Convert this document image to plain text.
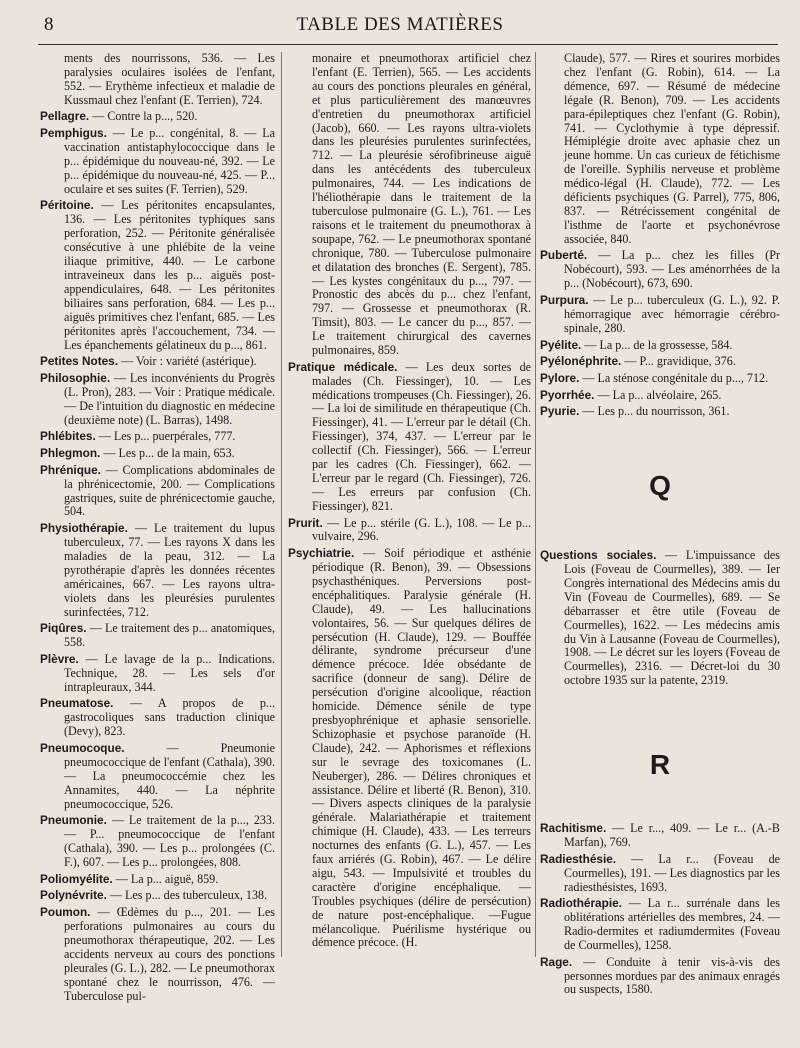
8	TABLE DES MATIÈRES

ments des nourrissons, 536. — Les paralysies oculaires isolées de l'enfant, 552. — Erythème infectieux et maladie de Kussmaul chez l'enfant (E. Terrien), 724.

Pellagre. — Contre la p..., 520.

Pemphigus. — Le p... congénital, 8. — La vaccination antistaphylococcique dans le p... épidémique du nouveau-né, 392. — Le p... épidémique du nouveau-né, 425. — P... oculaire et ses suites (F. Terrien), 529.

Péritoine. — Les péritonites encapsulantes, 136. — Les péritonites typhiques sans perforation, 252. — Péritonite généralisée consécutive à une phlébite de la veine iliaque primitive, 440. — Le carbone intraveineux dans les p... aiguës post-appendiculaires, 648. — Les péritonites biliaires sans perforation, 684. — Les p... aiguës primitives chez l'enfant, 685. — Les péritonites après l'accouchement, 734. — Les épanchements gélatineux du p..., 861.

Petites Notes. — Voir : variété (astérique).

Philosophie. — Les inconvénients du Progrès (L. Pron), 283. — Voir : Pratique médicale. — De l'intuition du diagnostic en médecine (deuxième note) (L. Barras), 1498.

Phlébites. — Les p... puerpérales, 777.

Phlegmon. — Les p... de la main, 653.

Phrénique. — Complications abdominales de la phrénicectomie, 200. — Complications gastriques, suite de phrénicectomie gauche, 504.

Physiothérapie. — Le traitement du lupus tuberculeux, 77. — Les rayons X dans les maladies de la peau, 312. — La pyrothérapie d'après les données récentes américaines, 667. — Les rayons ultra-violets dans les pleurésies purulentes surinfectées, 712.

Piqûres. — Le traitement des p... anatomiques, 558.

Plèvre. — Le lavage de la p... Indications. Technique, 28. — Les sels d'or intrapleuraux, 344.

Pneumatose. — A propos de p... gastrocoliques sans traduction clinique (Devy), 823.

Pneumocoque. — Pneumonie pneumococcique de l'enfant (Cathala), 390. — La pneumococcémie chez les Annamites, 440. — La néphrite pneumococcique, 526.

Pneumonie. — Le traitement de la p..., 233. — P... pneumococcique de l'enfant (Cathala), 390. — Les p... prolongées (C. F.), 607. — Les p... prolongées, 808.

Poliomyélite. — La p... aiguë, 859.

Polynévrite. — Les p... des tuberculeux, 138.

Poumon. — Œdèmes du p..., 201. — Les perforations pulmonaires au cours du pneumothorax thérapeutique, 202. — Les accidents nerveux au cours des ponctions pleurales (G. L.), 282. — Le pneumothorax spontané chez le nourrisson, 476. — Tuberculose pul-

monaire et pneumothorax artificiel chez l'enfant (E. Terrien), 565. — Les accidents au cours des ponctions pleurales en général, et plus particulièrement des manœuvres d'entretien du pneumothorax artificiel (Jacob), 660. — Les rayons ultra-violets dans les pleurésies purulentes surinfectées, 712. — La pleurésie sérofibrineuse aiguë dans les antécédents des tuberculeux pulmonaires, 744. — Les indications de l'héliothérapie dans le traitement de la tuberculose pulmonaire (G. L.), 761. — Les raisons et le traitement du pneumothorax à soupape, 762. — Le pneumothorax spontané chronique, 780. — Tuberculose pulmonaire et dilatation des bronches (E. Sergent), 785. — Les kystes congénitaux du p..., 797. — Pronostic des abcès du p... chez l'enfant, 797. — Grossesse et pneumothorax (R. Timsit), 803. — Le cancer du p..., 857. — Le traitement chirurgical des cavernes pulmonaires, 859.

Pratique médicale. — Les deux sortes de malades (Ch. Fiessinger), 10. — Les médications trompeuses (Ch. Fiessinger), 26. — La loi de similitude en thérapeutique (Ch. Fiessinger), 41. — L'erreur par le détail (Ch. Fiessinger), 374, 437. — L'erreur par le collectif (Ch. Fiessinger), 566. — L'erreur par les cadres (Ch. Fiessinger), 662. — L'erreur par le regard (Ch. Fiessinger), 726. — Les erreurs par confusion (Ch. Fiessinger), 821.

Prurit. — Le p... stérile (G. L.), 108. — Le p... vulvaire, 296.

Psychiatrie. — Soif périodique et asthénie périodique (R. Benon), 39. — Obsessions psychasthéniques. Perversions post-encéphalitiques. Paralysie générale (H. Claude), 49. — Les hallucinations volontaires, 56. — Sur quelques délires de persécution (H. Claude), 129. — Bouffée délirante, syndrome précurseur d'une démence précoce. Idée obsédante de sacrifice (donneur de sang). Délire de persécution d'origine alcoolique, réaction homicide. Démence sénile de type presbyophrénique et aphasie sensorielle. Schizophasie et psychose paranoïde (H. Claude), 242. — Aphorismes et réflexions sur le sevrage des toxicomanes (L. Neuberger), 286. — Délires chroniques et assistance. Délire et liberté (R. Benon), 310. — Divers aspects cliniques de la paralysie générale. Malariathérapie et traitement chimique (H. Claude), 433. — Les terreurs nocturnes des enfants (G. L.), 457. — Les faux arriérés (G. Robin), 467. — Le délire aigu, 543. — Impulsivité et troubles du caractère d'origine encéphalique. — Troubles psychiques (délire de persécution) de nature post-encéphalique. —Fugue mélancolique. Puérilisme hystérique ou démence précoce. (H.

Claude), 577. — Rires et sourires morbides chez l'enfant (G. Robin), 614. — La démence, 697. — Résumé de médecine légale (R. Benon), 709. — Les accidents para-épileptiques chez l'enfant (G. Robin), 741. — Cyclothymie à type dépressif. Hémiplégie droite avec aphasie chez un jeune homme. Un cas curieux de fétichisme de l'oreille. Syphilis nerveuse et problème médico-légal (H. Claude), 772. — Les déficients psychiques (G. Parrel), 775, 806, 837. — Rétrécissement congénital de l'isthme de l'aorte et psychonévrose associée, 840.

Puberté. — La p... chez les filles (Pr Nobécourt), 593. — Les aménorrhées de la p... (Nobécourt), 673, 690.

Purpura. — Le p... tuberculeux (G. L.), 92. P. hémorragique avec hémorragie cérébro-spinale, 280.

Pyélite. — La p... de la grossesse, 584.

Pyélonéphrite. — P... gravidique, 376.

Pylore. — La sténose congénitale du p..., 712.

Pyorrhée. — La p... alvéolaire, 265.

Pyurie. — Les p... du nourrisson, 361.

Q

Questions sociales. — L'impuissance des Lois (Foveau de Courmelles), 389. — Ier Congrès international des Médecins amis du Vin (Foveau de Courmelles), 689. — Se débarrasser et être utile (Foveau de Courmelles), 1622. — Les médecins amis du Vin à Lausanne (Foveau de Courmelles), 1908. — Le décret sur les loyers (Foveau de Courmelles), 2316. — Décret-loi du 30 octobre 1935 sur la patente, 2319.

R

Rachitisme. — Le r..., 409. — Le r... (A.-B Marfan), 769.

Radiesthésie. — La r... (Foveau de Courmelles), 191. — Les diagnostics par les radiesthésistes, 1693.

Radiothérapie. — La r... surrénale dans les oblitérations artérielles des membres, 24. — Radio-dermites et radiumdermites (Foveau de Courmelles), 1258.

Rage. — Conduite à tenir vis-à-vis des personnes mordues par des animaux enragés ou suspects, 1580.
